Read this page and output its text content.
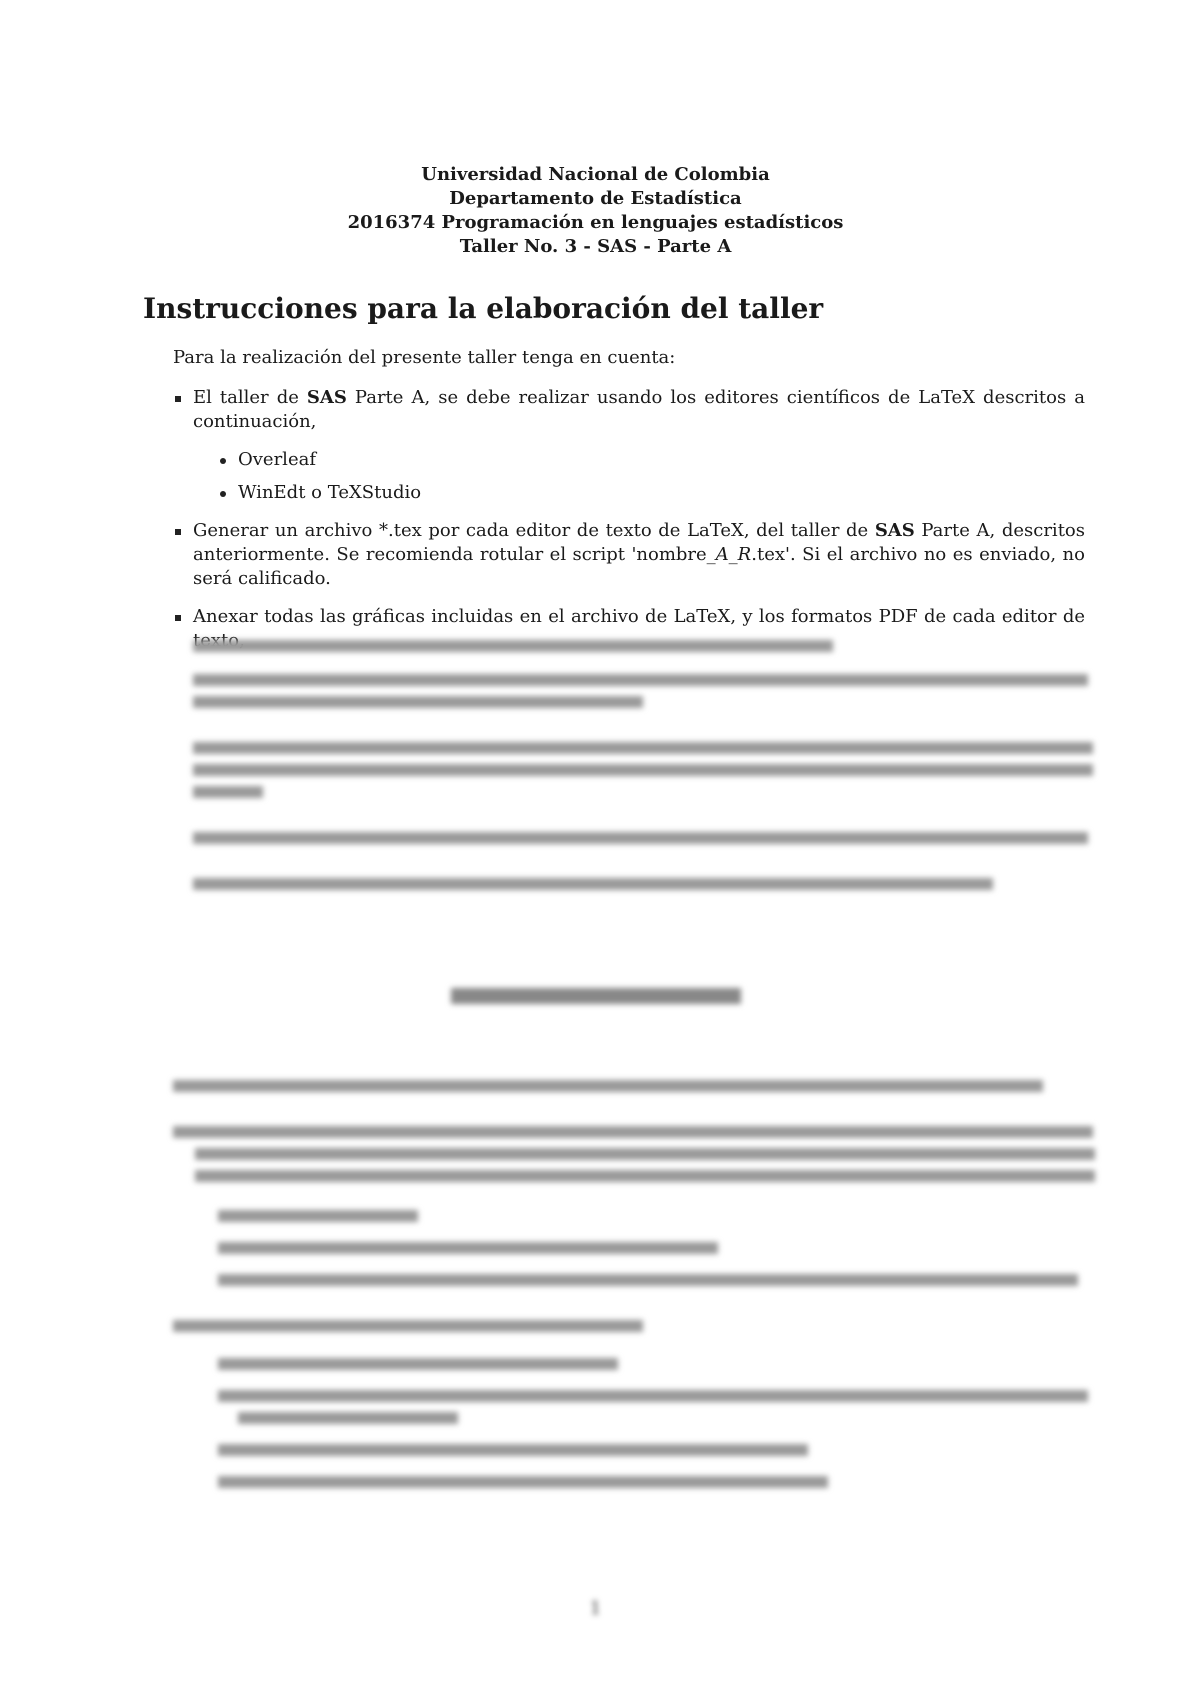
Universidad Nacional de Colombia
Departamento de Estadística
2016374 Programación en lenguajes estadísticos
Taller No. 3 - SAS - Parte A
Instrucciones para la elaboración del taller

Para la realización del presente taller tenga en cuenta:

El taller de SAS Parte A, se debe realizar usando los editores científicos de LaTeX descritos a continuación,
Overleaf
WinEdt o TeXStudio
Generar un archivo *.tex por cada editor de texto de LaTeX, del taller de SAS Parte A, descritos anteriormente. Se recomienda rotular el script 'nombre_A_R.tex'. Si el archivo no es enviado, no será calificado.
Anexar todas las gráficas incluidas en el archivo de LaTeX, y los formatos PDF de cada editor de
1
